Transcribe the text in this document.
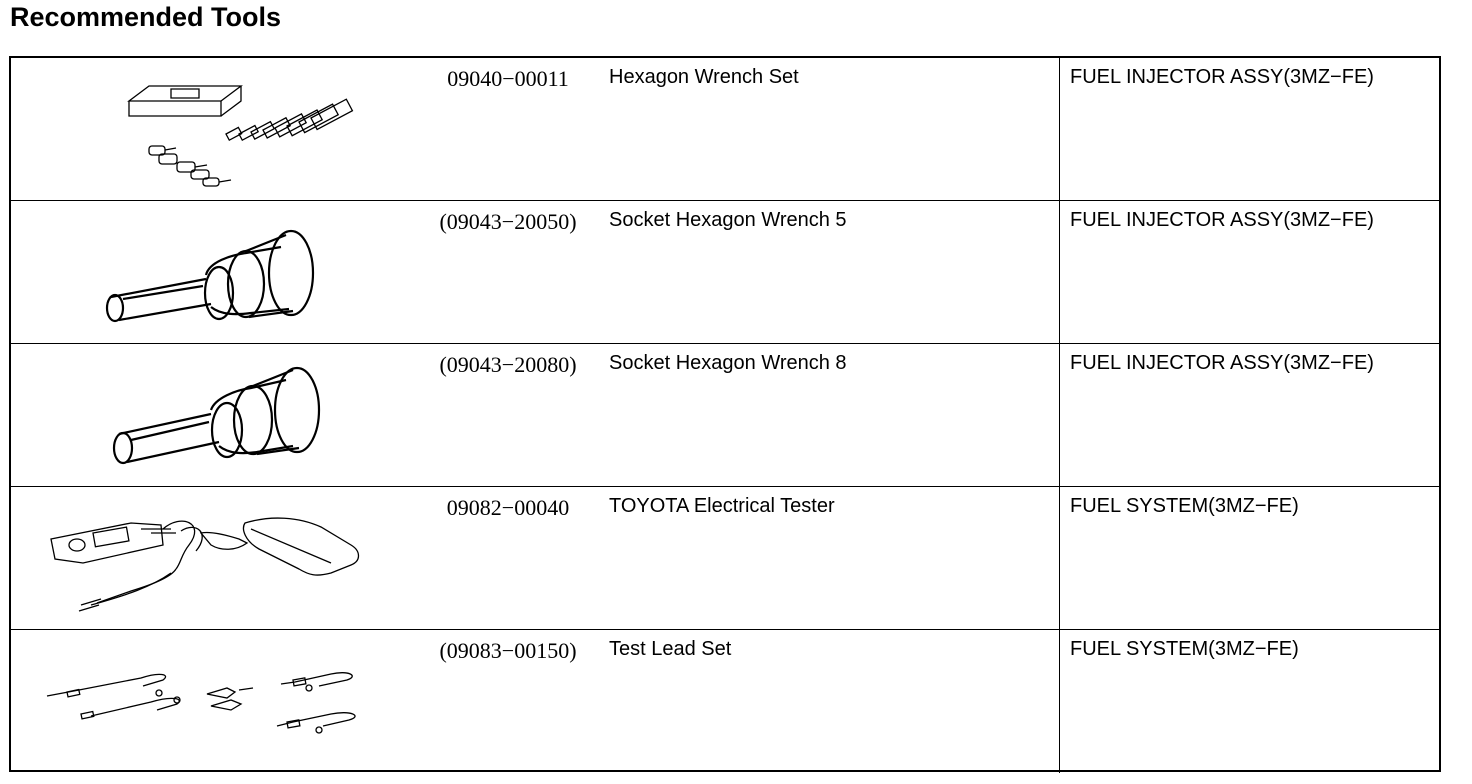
Recommended Tools
09040−00011	Hexagon Wrench Set	FUEL INJECTOR ASSY(3MZ−FE)
(09043−20050)	Socket Hexagon Wrench 5	FUEL INJECTOR ASSY(3MZ−FE)
(09043−20080)	Socket Hexagon Wrench 8	FUEL INJECTOR ASSY(3MZ−FE)
09082−00040	TOYOTA Electrical Tester	FUEL SYSTEM(3MZ−FE)
(09083−00150)	Test Lead Set	FUEL SYSTEM(3MZ−FE)
